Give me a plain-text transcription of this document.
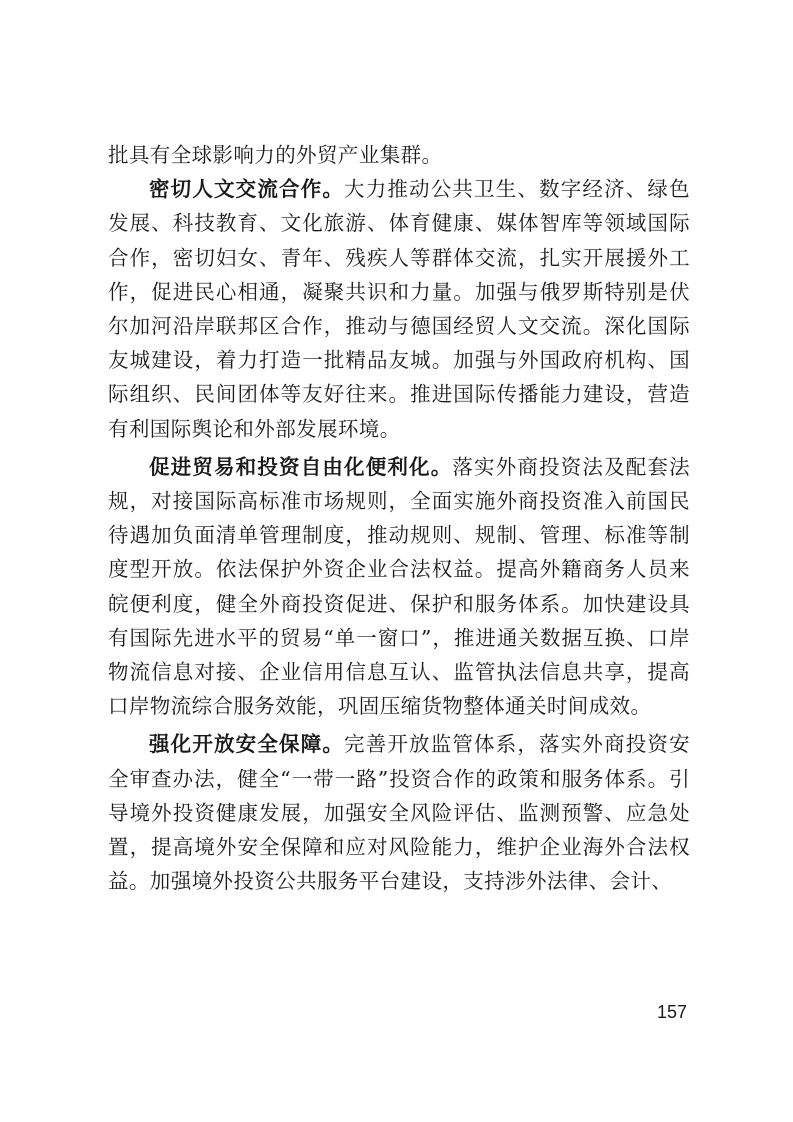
批具有全球影响力的外贸产业集群。

密切人文交流合作。大力推动公共卫生、数字经济、绿色发展、科技教育、文化旅游、体育健康、媒体智库等领域国际合作，密切妇女、青年、残疾人等群体交流，扎实开展援外工作，促进民心相通，凝聚共识和力量。加强与俄罗斯特别是伏尔加河沿岸联邦区合作，推动与德国经贸人文交流。深化国际友城建设，着力打造一批精品友城。加强与外国政府机构、国际组织、民间团体等友好往来。推进国际传播能力建设，营造有利国际舆论和外部发展环境。

促进贸易和投资自由化便利化。落实外商投资法及配套法规，对接国际高标准市场规则，全面实施外商投资准入前国民待遇加负面清单管理制度，推动规则、规制、管理、标准等制度型开放。依法保护外资企业合法权益。提高外籍商务人员来皖便利度，健全外商投资促进、保护和服务体系。加快建设具有国际先进水平的贸易“单一窗口”，推进通关数据互换、口岸物流信息对接、企业信用信息互认、监管执法信息共享，提高口岸物流综合服务效能，巩固压缩货物整体通关时间成效。

强化开放安全保障。完善开放监管体系，落实外商投资安全审查办法，健全“一带一路”投资合作的政策和服务体系。引导境外投资健康发展，加强安全风险评估、监测预警、应急处置，提高境外安全保障和应对风险能力，维护企业海外合法权益。加强境外投资公共服务平台建设，支持涉外法律、会计、

157
